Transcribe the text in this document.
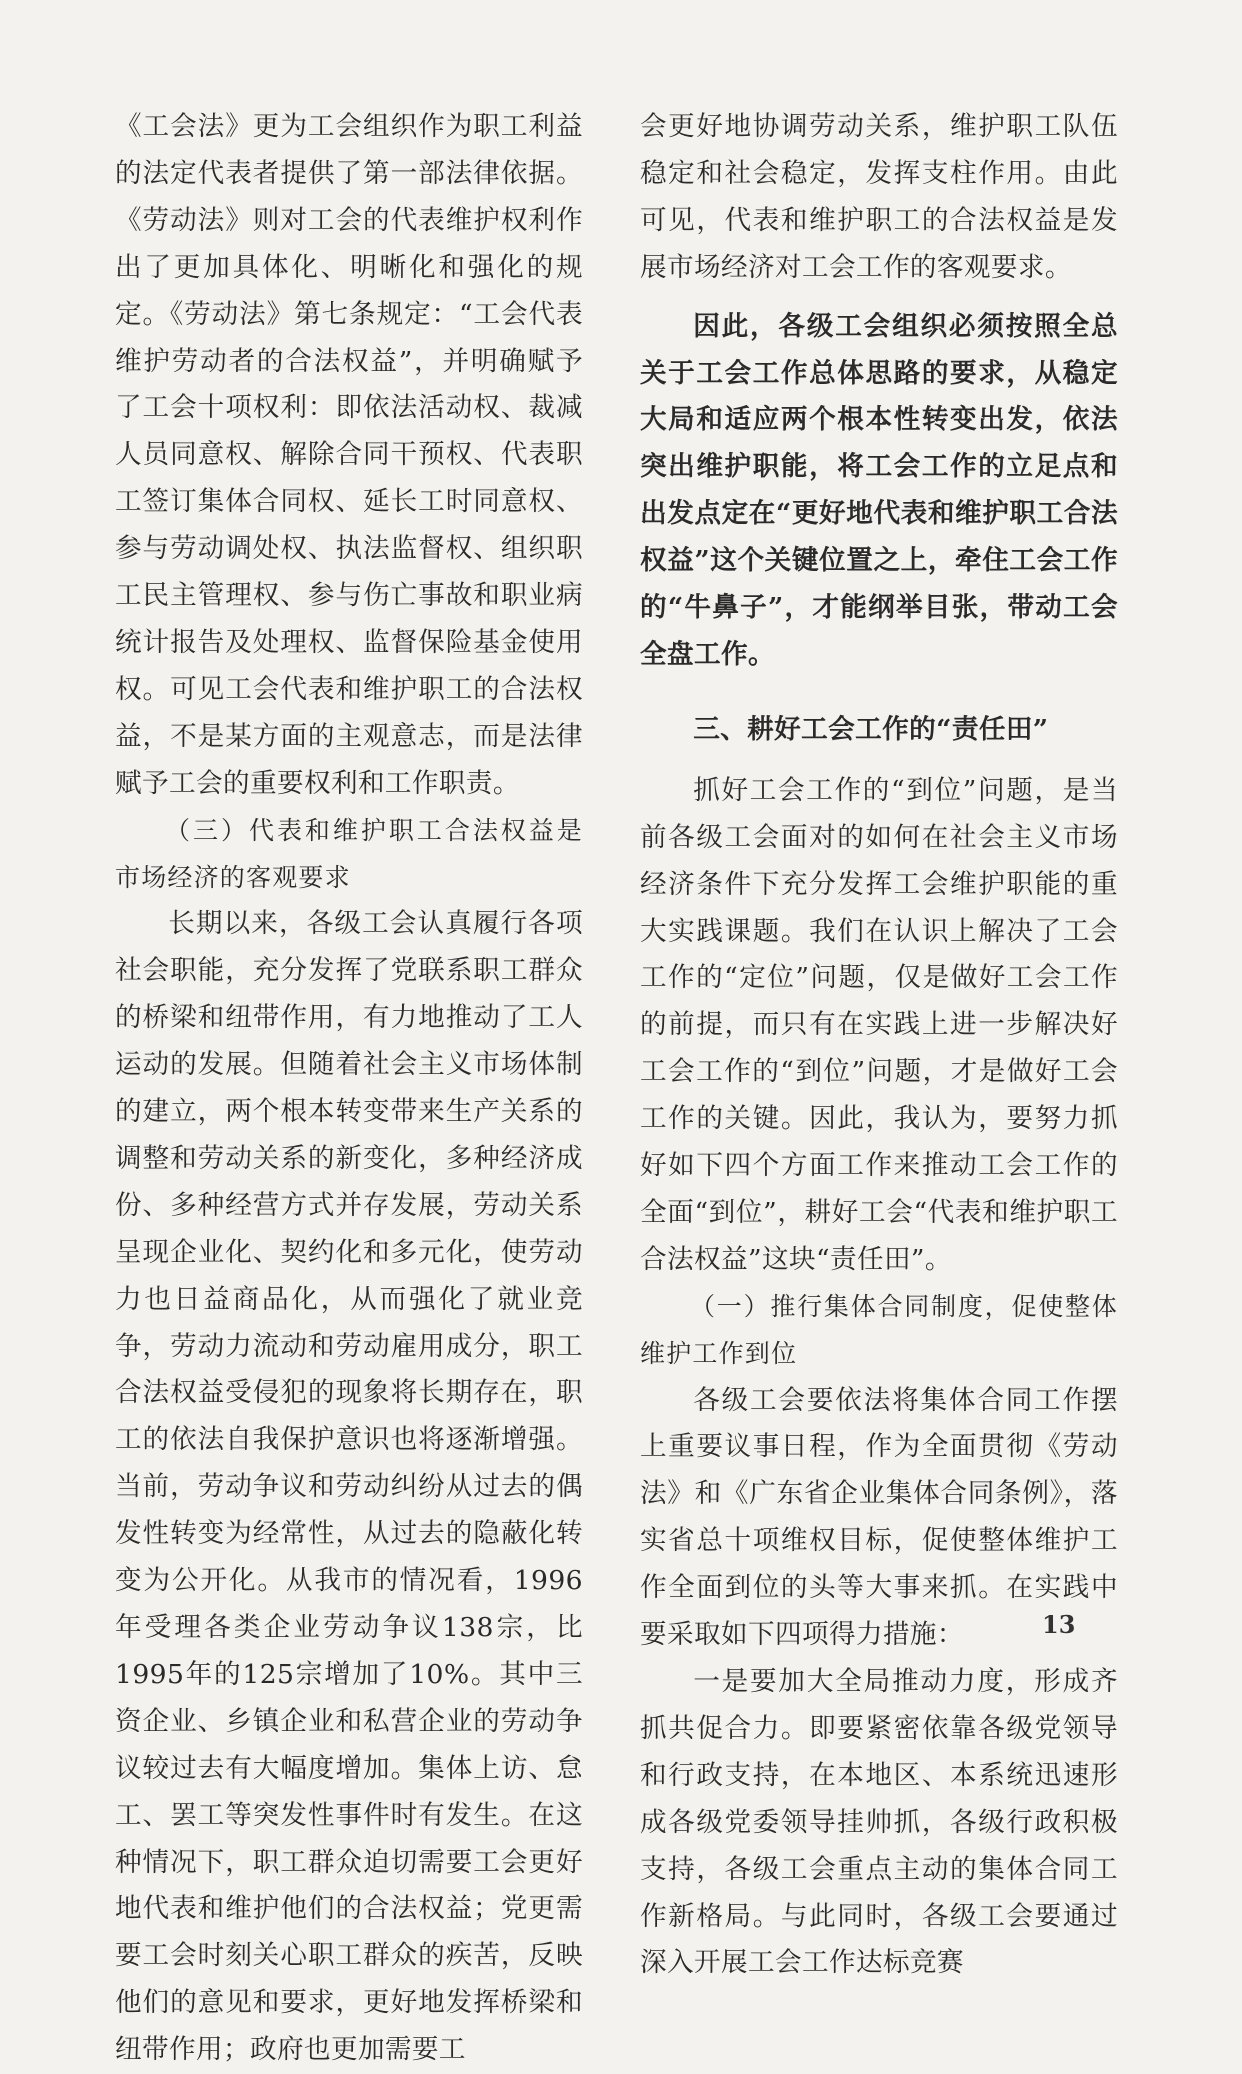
《工会法》更为工会组织作为职工利益的法定代表者提供了第一部法律依据。《劳动法》则对工会的代表维护权利作出了更加具体化、明晰化和强化的规定。《劳动法》第七条规定：“工会代表维护劳动者的合法权益”，并明确赋予了工会十项权利：即依法活动权、裁减人员同意权、解除合同干预权、代表职工签订集体合同权、延长工时同意权、参与劳动调处权、执法监督权、组织职工民主管理权、参与伤亡事故和职业病统计报告及处理权、监督保险基金使用权。可见工会代表和维护职工的合法权益，不是某方面的主观意志，而是法律赋予工会的重要权利和工作职责。

（三）代表和维护职工合法权益是市场经济的客观要求

长期以来，各级工会认真履行各项社会职能，充分发挥了党联系职工群众的桥梁和纽带作用，有力地推动了工人运动的发展。但随着社会主义市场体制的建立，两个根本转变带来生产关系的调整和劳动关系的新变化，多种经济成份、多种经营方式并存发展，劳动关系呈现企业化、契约化和多元化，使劳动力也日益商品化，从而强化了就业竞争，劳动力流动和劳动雇用成分，职工合法权益受侵犯的现象将长期存在，职工的依法自我保护意识也将逐渐增强。当前，劳动争议和劳动纠纷从过去的偶发性转变为经常性，从过去的隐蔽化转变为公开化。从我市的情况看，1996年受理各类企业劳动争议138宗，比1995年的125宗增加了10%。其中三资企业、乡镇企业和私营企业的劳动争议较过去有大幅度增加。集体上访、怠工、罢工等突发性事件时有发生。在这种情况下，职工群众迫切需要工会更好地代表和维护他们的合法权益；党更需要工会时刻关心职工群众的疾苦，反映他们的意见和要求，更好地发挥桥梁和纽带作用；政府也更加需要工

会更好地协调劳动关系，维护职工队伍稳定和社会稳定，发挥支柱作用。由此可见，代表和维护职工的合法权益是发展市场经济对工会工作的客观要求。

因此，各级工会组织必须按照全总关于工会工作总体思路的要求，从稳定大局和适应两个根本性转变出发，依法突出维护职能，将工会工作的立足点和出发点定在“更好地代表和维护职工合法权益”这个关键位置之上，牵住工会工作的“牛鼻子”，才能纲举目张，带动工会全盘工作。

三、耕好工会工作的“责任田”

抓好工会工作的“到位”问题，是当前各级工会面对的如何在社会主义市场经济条件下充分发挥工会维护职能的重大实践课题。我们在认识上解决了工会工作的“定位”问题，仅是做好工会工作的前提，而只有在实践上进一步解决好工会工作的“到位”问题，才是做好工会工作的关键。因此，我认为，要努力抓好如下四个方面工作来推动工会工作的全面“到位”，耕好工会“代表和维护职工合法权益”这块“责任田”。

（一）推行集体合同制度，促使整体维护工作到位

各级工会要依法将集体合同工作摆上重要议事日程，作为全面贯彻《劳动法》和《广东省企业集体合同条例》，落实省总十项维权目标，促使整体维护工作全面到位的头等大事来抓。在实践中要采取如下四项得力措施：

一是要加大全局推动力度，形成齐抓共促合力。即要紧密依靠各级党领导和行政支持，在本地区、本系统迅速形成各级党委领导挂帅抓，各级行政积极支持，各级工会重点主动的集体合同工作新格局。与此同时，各级工会要通过深入开展工会工作达标竞赛

13
